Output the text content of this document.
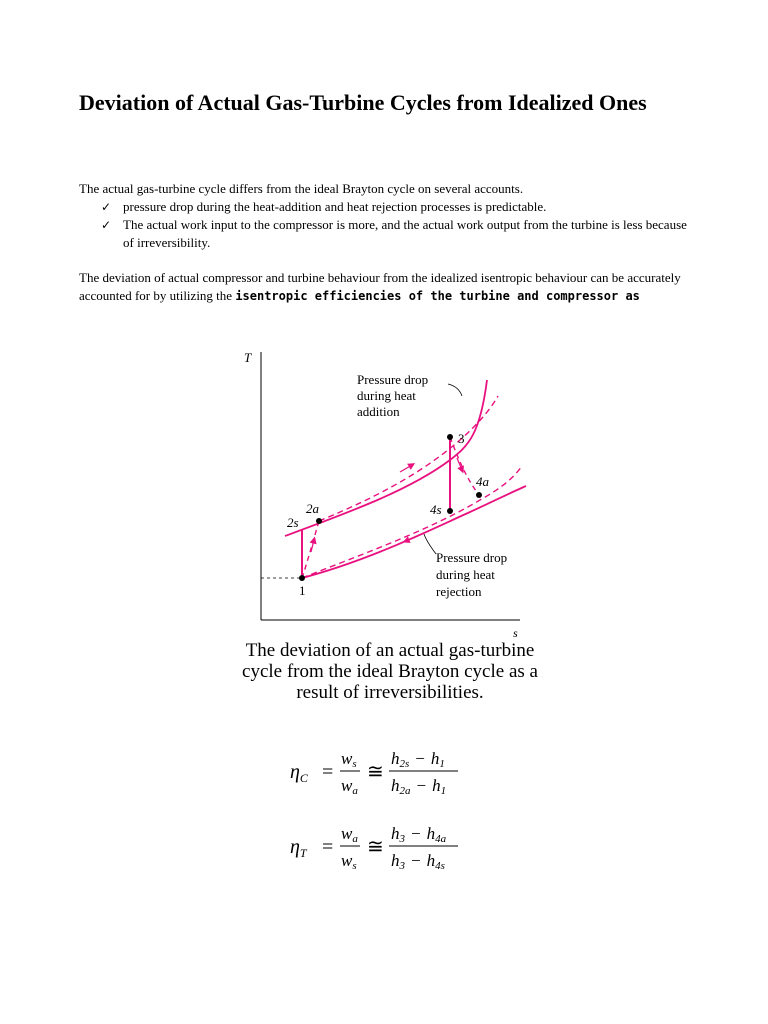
Deviation of Actual Gas-Turbine Cycles from Idealized Ones

The actual gas-turbine cycle differs from the ideal Brayton cycle on several accounts.

✓ pressure drop during the heat-addition and heat rejection processes is predictable.
✓ The actual work input to the compressor is more, and the actual work output from the turbine is less because of irreversibility.

The deviation of actual compressor and turbine behaviour from the idealized isentropic behaviour can be accurately accounted for by utilizing the isentropic efficiencies of the turbine and compressor as

T
s
1
2s
2a
3
4a
4s
Pressure drop during heat addition
Pressure drop during heat rejection
The deviation of an actual gas-turbine
cycle from the ideal Brayton cycle as a
result of irreversibilities.
$\eta_C$ =
ws
wa
≅
h2s − h1
h2a − h1
$\eta_T$ =
wa
ws
≅
h3 − h4a
h3 − h4s
